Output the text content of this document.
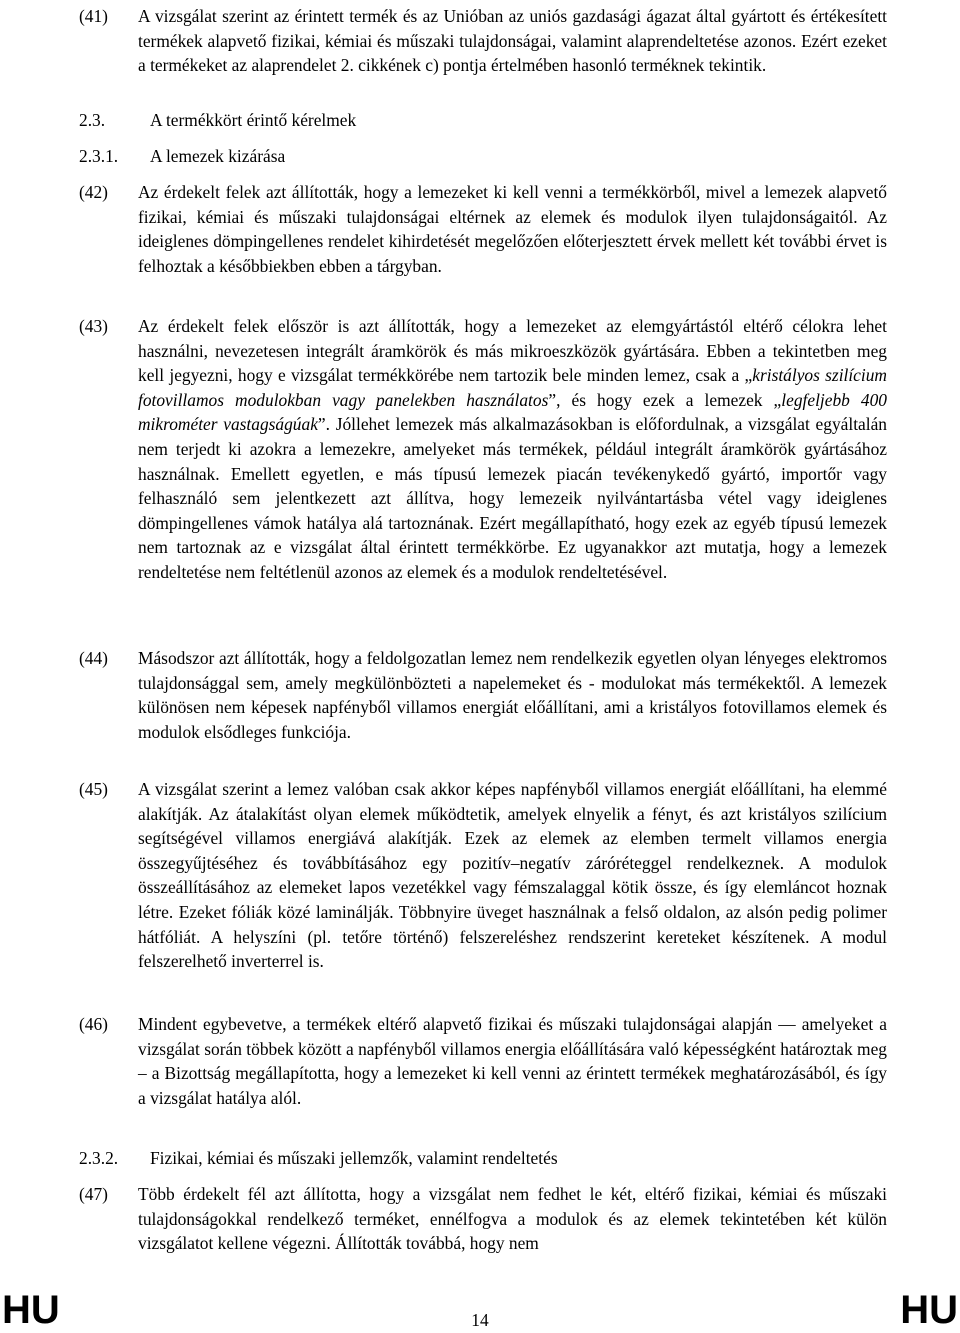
(41)	A vizsgálat szerint az érintett termék és az Unióban az uniós gazdasági ágazat által gyártott és értékesített termékek alapvető fizikai, kémiai és műszaki tulajdonságai, valamint alaprendeltetése azonos. Ezért ezeket a termékeket az alaprendelet 2. cikkének c) pontja értelmében hasonló terméknek tekintik.
2.3.	A termékkört érintő kérelmek
2.3.1. A lemezek kizárása
(42)	Az érdekelt felek azt állították, hogy a lemezeket ki kell venni a termékkörből, mivel a lemezek alapvető fizikai, kémiai és műszaki tulajdonságai eltérnek az elemek és modulok ilyen tulajdonságaitól. Az ideiglenes dömpingellenes rendelet kihirdetését megelőzően előterjesztett érvek mellett két további érvet is felhoztak a későbbiekben ebben a tárgyban.
(43)	Az érdekelt felek először is azt állították, hogy a lemezeket az elemgyártástól eltérő célokra lehet használni, nevezetesen integrált áramkörök és más mikroeszközök gyártására. Ebben a tekintetben meg kell jegyezni, hogy e vizsgálat termékkörébe nem tartozik bele minden lemez, csak a „kristályos szilícium fotovillamos modulokban vagy panelekben használatos”, és hogy ezek a lemezek „legfeljebb 400 mikrométer vastagságúak”. Jóllehet lemezek más alkalmazásokban is előfordulnak, a vizsgálat egyáltalán nem terjedt ki azokra a lemezekre, amelyeket más termékek, például integrált áramkörök gyártásához használnak. Emellett egyetlen, e más típusú lemezek piacán tevékenykedő gyártó, importőr vagy felhasználó sem jelentkezett azt állítva, hogy lemezeik nyilvántartásba vétel vagy ideiglenes dömpingellenes vámok hatálya alá tartoznának. Ezért megállapítható, hogy ezek az egyéb típusú lemezek nem tartoznak az e vizsgálat által érintett termékkörbe. Ez ugyanakkor azt mutatja, hogy a lemezek rendeltetése nem feltétlenül azonos az elemek és a modulok rendeltetésével.
(44)	Másodszor azt állították, hogy a feldolgozatlan lemez nem rendelkezik egyetlen olyan lényeges elektromos tulajdonsággal sem, amely megkülönbözteti a napelemeket és - modulokat más termékektől. A lemezek különösen nem képesek napfényből villamos energiát előállítani, ami a kristályos fotovillamos elemek és modulok elsődleges funkciója.
(45)	A vizsgálat szerint a lemez valóban csak akkor képes napfényből villamos energiát előállítani, ha elemmé alakítják. Az átalakítást olyan elemek működtetik, amelyek elnyelik a fényt, és azt kristályos szilícium segítségével villamos energiává alakítják. Ezek az elemek az elemben termelt villamos energia összegyűjtéséhez és továbbításához egy pozitív–negatív záróréteggel rendelkeznek. A modulok összeállításához az elemeket lapos vezetékkel vagy fémszalaggal kötik össze, és így elemláncot hoznak létre. Ezeket fóliák közé laminálják. Többnyire üveget használnak a felső oldalon, az alsón pedig polimer hátfóliát. A helyszíni (pl. tetőre történő) felszereléshez rendszerint kereteket készítenek. A modul felszerelhető inverterrel is.
(46)	Mindent egybevetve, a termékek eltérő alapvető fizikai és műszaki tulajdonságai alapján — amelyeket a vizsgálat során többek között a napfényből villamos energia előállítására való képességként határoztak meg – a Bizottság megállapította, hogy a lemezeket ki kell venni az érintett termékek meghatározásából, és így a vizsgálat hatálya alól.
2.3.2. Fizikai, kémiai és műszaki jellemzők, valamint rendeltetés
(47)	Több érdekelt fél azt állította, hogy a vizsgálat nem fedhet le két, eltérő fizikai, kémiai és műszaki tulajdonságokkal rendelkező terméket, ennélfogva a modulok és az elemek tekintetében két külön vizsgálatot kellene végezni. Állították továbbá, hogy nem
HU	14	HU
